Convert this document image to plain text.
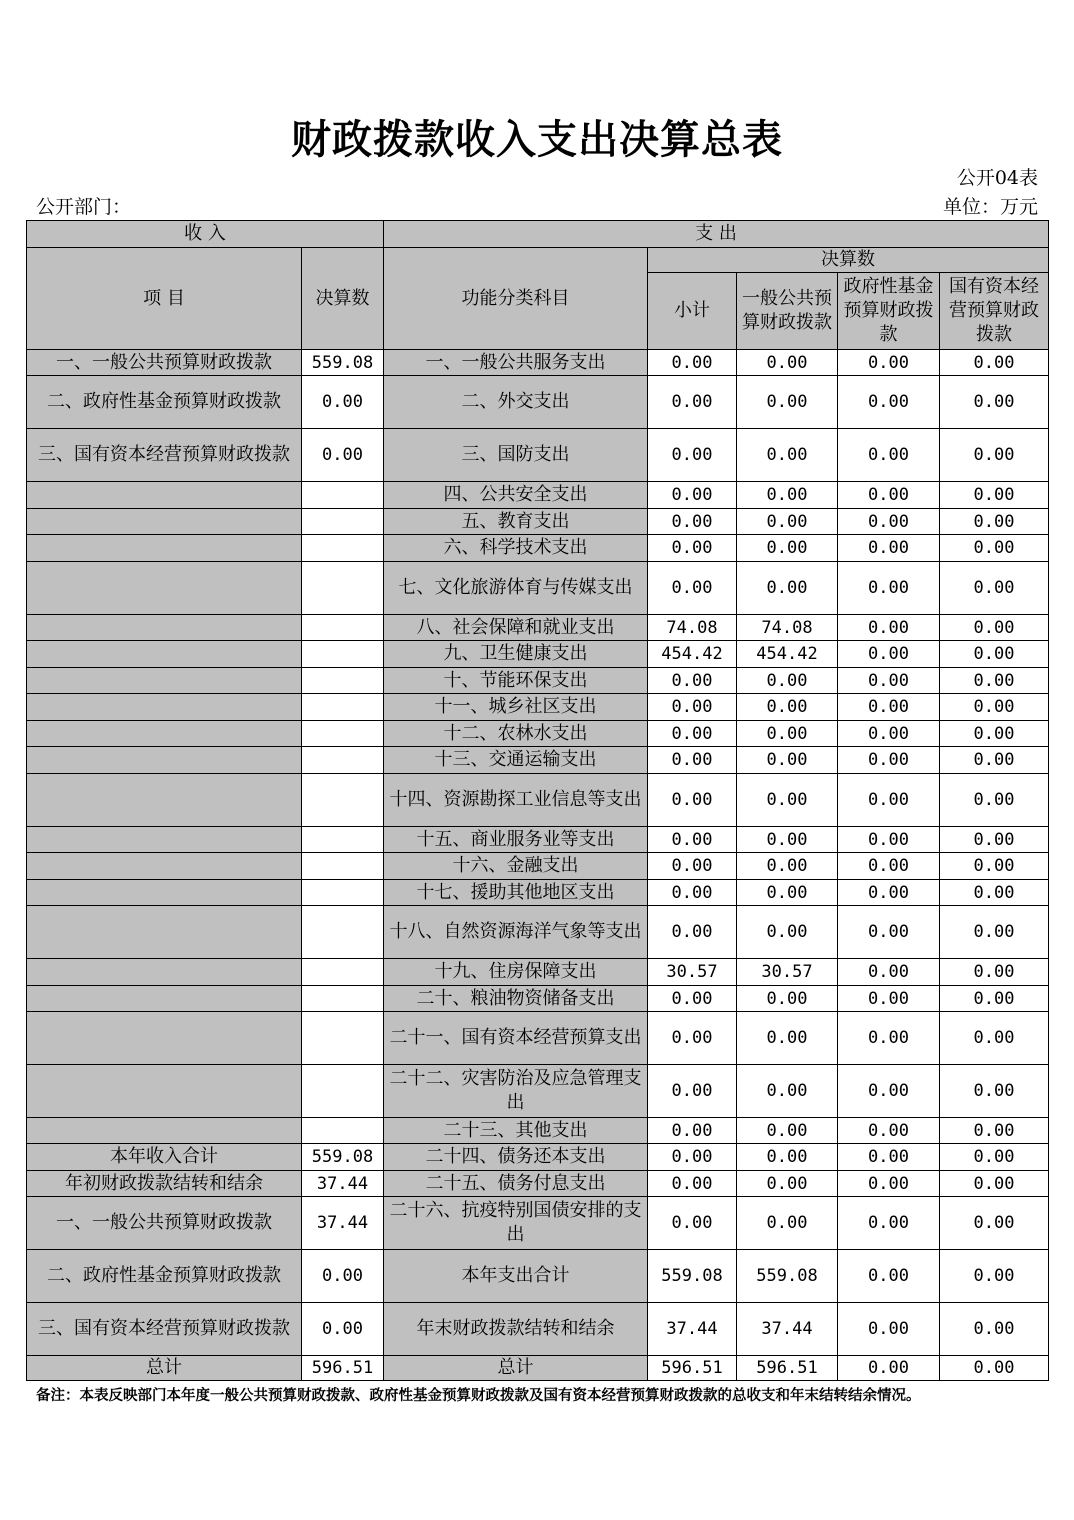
财政拨款收入支出决算总表
公开04表
公开部门：	单位：万元
收 入		支 出				
项 目	决算数	功能分类科目	决算数			
			小计	一般公共预算财政拨款	政府性基金预算财政拨款	国有资本经营预算财政拨款
一、一般公共预算财政拨款	559.08	一、一般公共服务支出	0.00	0.00	0.00	0.00
二、政府性基金预算财政拨款	0.00	二、外交支出	0.00	0.00	0.00	0.00
三、国有资本经营预算财政拨款	0.00	三、国防支出	0.00	0.00	0.00	0.00
		四、公共安全支出	0.00	0.00	0.00	0.00
		五、教育支出	0.00	0.00	0.00	0.00
		六、科学技术支出	0.00	0.00	0.00	0.00
		七、文化旅游体育与传媒支出	0.00	0.00	0.00	0.00
		八、社会保障和就业支出	74.08	74.08	0.00	0.00
		九、卫生健康支出	454.42	454.42	0.00	0.00
		十、节能环保支出	0.00	0.00	0.00	0.00
		十一、城乡社区支出	0.00	0.00	0.00	0.00
		十二、农林水支出	0.00	0.00	0.00	0.00
		十三、交通运输支出	0.00	0.00	0.00	0.00
		十四、资源勘探工业信息等支出	0.00	0.00	0.00	0.00
		十五、商业服务业等支出	0.00	0.00	0.00	0.00
		十六、金融支出	0.00	0.00	0.00	0.00
		十七、援助其他地区支出	0.00	0.00	0.00	0.00
		十八、自然资源海洋气象等支出	0.00	0.00	0.00	0.00
		十九、住房保障支出	30.57	30.57	0.00	0.00
		二十、粮油物资储备支出	0.00	0.00	0.00	0.00
		二十一、国有资本经营预算支出	0.00	0.00	0.00	0.00
		二十二、灾害防治及应急管理支出	0.00	0.00	0.00	0.00
		二十三、其他支出	0.00	0.00	0.00	0.00
本年收入合计	559.08	二十四、债务还本支出	0.00	0.00	0.00	0.00
年初财政拨款结转和结余	37.44	二十五、债务付息支出	0.00	0.00	0.00	0.00
一、一般公共预算财政拨款	37.44	二十六、抗疫特别国债安排的支出	0.00	0.00	0.00	0.00
二、政府性基金预算财政拨款	0.00	本年支出合计	559.08	559.08	0.00	0.00
三、国有资本经营预算财政拨款	0.00	年末财政拨款结转和结余	37.44	37.44	0.00	0.00
总计	596.51	总计	596.51	596.51	0.00	0.00
备注：本表反映部门本年度一般公共预算财政拨款、政府性基金预算财政拨款及国有资本经营预算财政拨款的总收支和年末结转结余情况。
